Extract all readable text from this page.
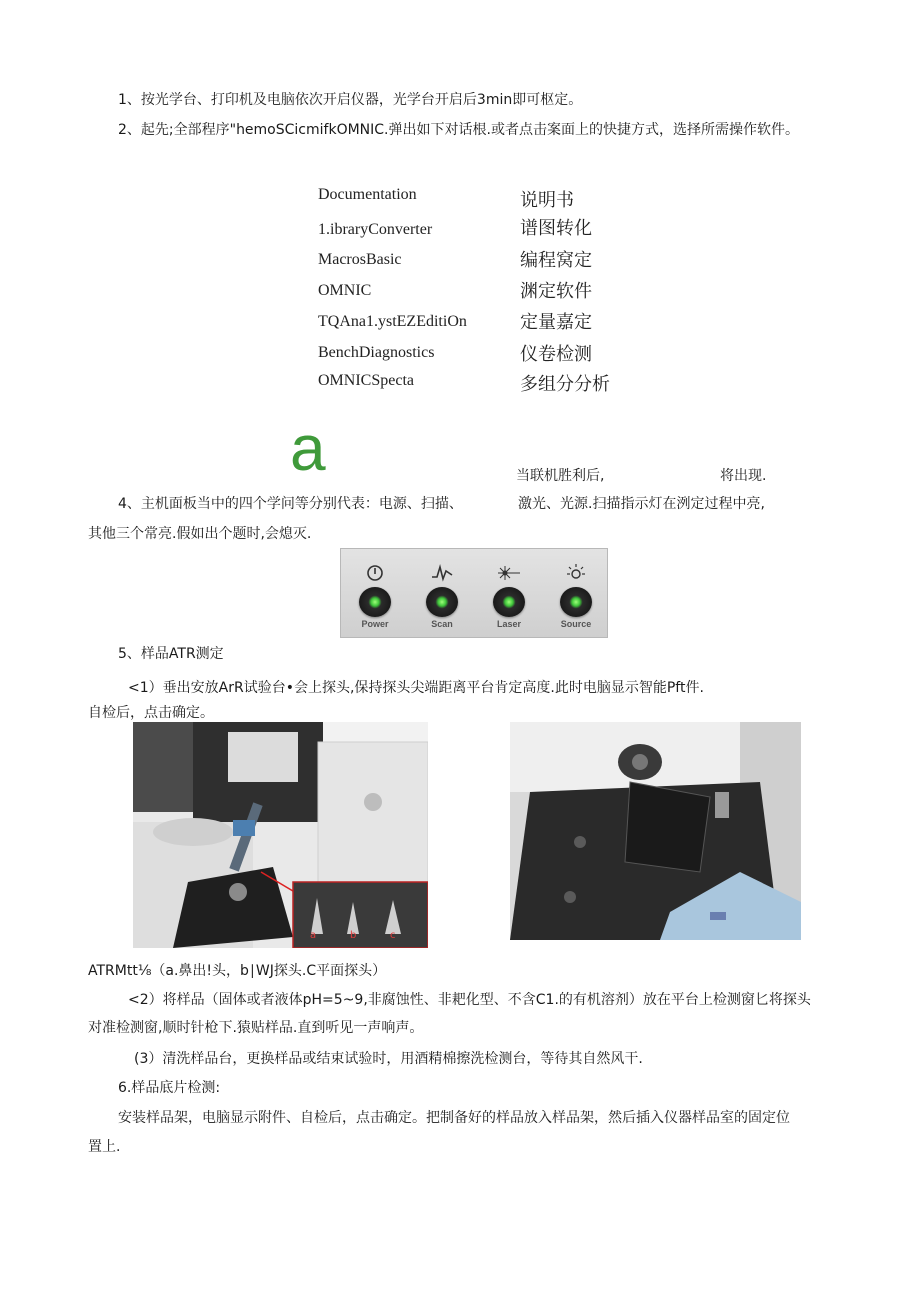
1、按光学台、打印机及电脑依次开启仪器，光学台开启后3min即可枢定。
2、起先;全部程序"hemoSCicmifkOMNIC.弹出如下对话根.或者点击案面上的快捷方式，选择所需操作软件。
Documentation	说明书
1.ibraryConverter	谱图转化
MacrosBasic	编程窝定
OMNIC	渊定软件
TQAna1.ystEZEditiOn	定量嘉定
BenchDiagnostics	仪卷检测
OMNICSpecta	多组分分析
a	当联机胜利后,	将出现.
4、主机面板当中的四个学问等分别代表：电源、扫描、	激光、光源.扫描指示灯在洌定过程中亮,
其他三个常亮.假如出个题时,会熄灭.
Power	Scan	Laser	Source
5、样品ATR测定
<1）垂出安放ArR试验台•会上探头,保持探头尖端距离平台肯定高度.此时电脑显示智能Pft件.
自检后，点击确定。
a	b	c
ATRMtt⅛（a.鼻出!头，b∣WJ探头.C平面探头）
<2）将样品（固体或者液体pH=5~9,非腐蚀性、非耙化型、不含C1.的有机溶剂）放在平台上检测窗匕将探头
对准检测窗,顺时针枪下.猿贴样品.直到听见一声响声。
(3）清洗样品台，更换样品或结束试验时，用酒精棉擦洗检测台，等待其自然风干.
6.样品底片检测:
安装样品架，电脑显示附件、自检后，点击确定。把制备好的样品放入样品架，然后插入仪器样品室的固定位
置上.
